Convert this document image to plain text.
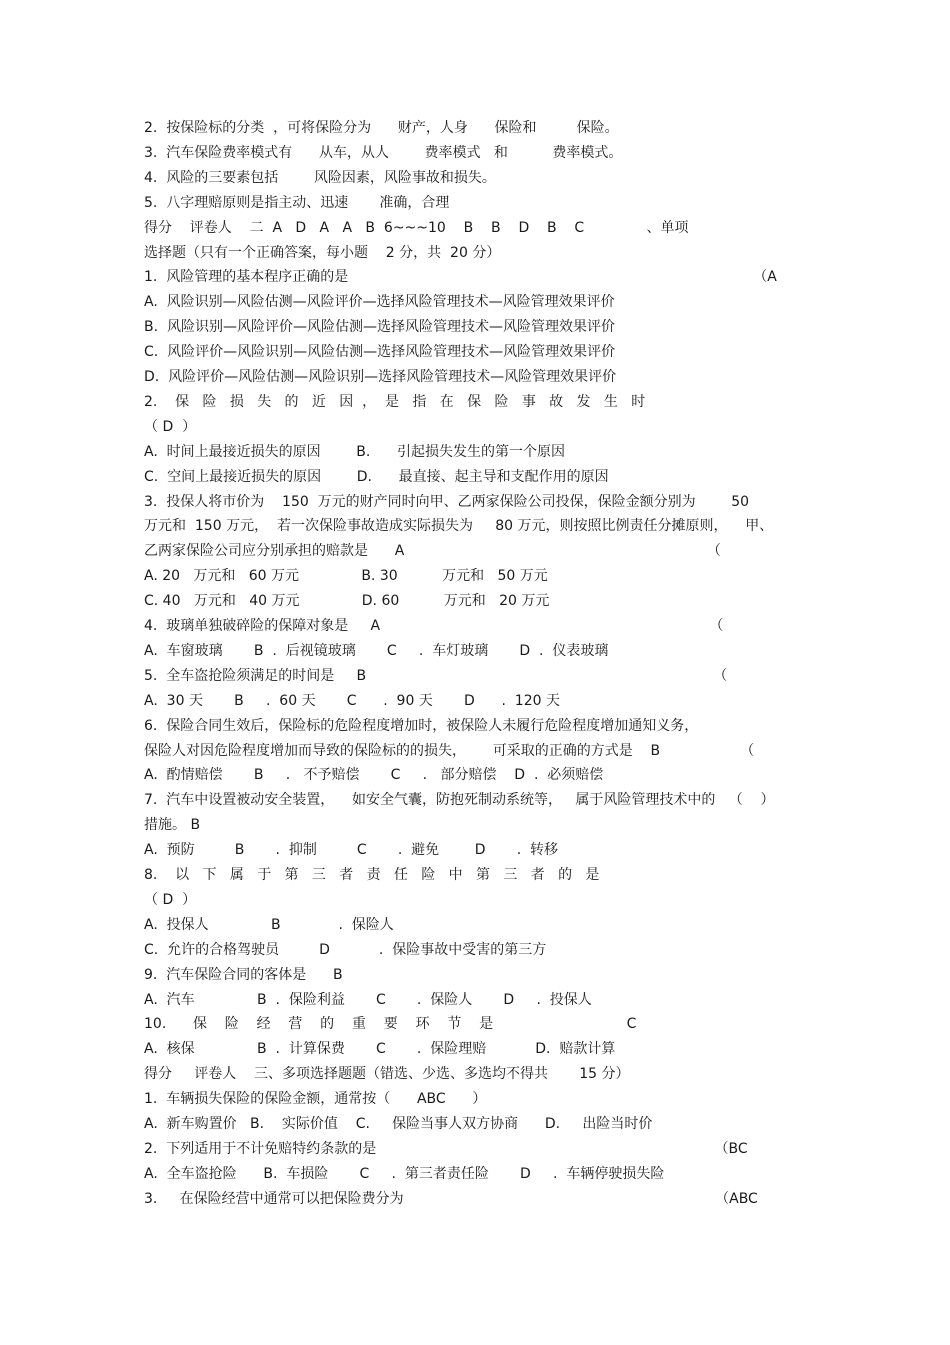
2.  按保险标的分类  ，可将保险分为      财产，人身      保险和         保险。
3.  汽车保险费率模式有      从车，从人        费率模式   和          费率模式。
4.  风险的三要素包括        风险因素，风险事故和损失。
5.  八字理赔原则是指主动、迅速       准确，合理
得分    评卷人    二  A   D   A   A   B  6~~~10    B    B    D    B    C              、单项
选择题（只有一个正确答案，每小题    2 分，共  20 分）
1.  风险管理的基本程序正确的是                                                                                           （A
A.  风险识别—风险估测—风险评价—选择风险管理技术—风险管理效果评价
B.  风险识别—风险评价—风险估测—选择风险管理技术—风险管理效果评价
C.  风险评价—风险识别—风险估测—选择风险管理技术—风险管理效果评价
D.  风险评价—风险估测—风险识别—选择风险管理技术—风险管理效果评价
2.    保   险   损   失   的   近   因  ，  是   指   在   保   险   事   故   发   生   时
（ D  ）
A.  时间上最接近损失的原因        B.      引起损失发生的第一个原因
C.  空间上最接近损失的原因        D.      最直接、起主导和支配作用的原因
3.  投保人将市价为    150  万元的财产同时向甲、乙两家保险公司投保，保险金额分别为        50
万元和  150 万元，  若一次保险事故造成实际损失为     80 万元，则按照比例责任分摊原则，    甲、
乙两家保险公司应分别承担的赔款是      A                                                                    （
A. 20   万元和   60 万元              B. 30          万元和   50 万元
C. 40   万元和   40 万元              D. 60          万元和   20 万元
4.  玻璃单独破碎险的保障对象是     A                                                                          （
A.  车窗玻璃       B  .  后视镜玻璃       C     .  车灯玻璃       D  .  仪表玻璃
5.  全车盗抢险须满足的时间是     B                                                                              （
A.  30 天       B     .  60 天       C      .  90 天       D      .  120 天
6.  保险合同生效后，保险标的危险程度增加时，被保险人未履行危险程度增加通知义务，
保险人对因危险程度增加而导致的保险标的的损失，      可采取的正确的方式是    B                  （
A.  酌情赔偿       B     .   不予赔偿       C     .   部分赔偿    D  .  必须赔偿
7.  汽车中设置被动安全装置，    如安全气囊，防抱死制动系统等，   属于风险管理技术中的   （    ）
措施。 B
A.  预防         B       .  抑制         C       .  避免        D       .  转移
8.    以   下   属   于   第   三   者   责   任   险   中   第   三   者   的   是
（ D  ）
A.  投保人              B             .  保险人
C.  允许的合格驾驶员         D           .  保险事故中受害的第三方
9.  汽车保险合同的客体是      B
A.  汽车              B  .  保险利益       C       .  保险人       D     .  投保人
10.      保    险    经    营    的    重    要    环    节    是                              C
A.  核保              B  .  计算保费       C       .  保险理赔           D.  赔款计算
得分     评卷人    三、多项选择题题（错选、少选、多选均不得共       15 分）
1.  车辆损失保险的保险金额，通常按（      ABC      ）
A.  新车购置价   B.    实际价值    C.     保险当事人双方协商      D.     出险当时价
2.  下列适用于不计免赔特约条款的是                                                                            （BC
A.  全车盗抢险      B.  车损险       C     .  第三者责任险       D     .  车辆停驶损失险
3.     在保险经营中通常可以把保险费分为                                                                      （ABC
